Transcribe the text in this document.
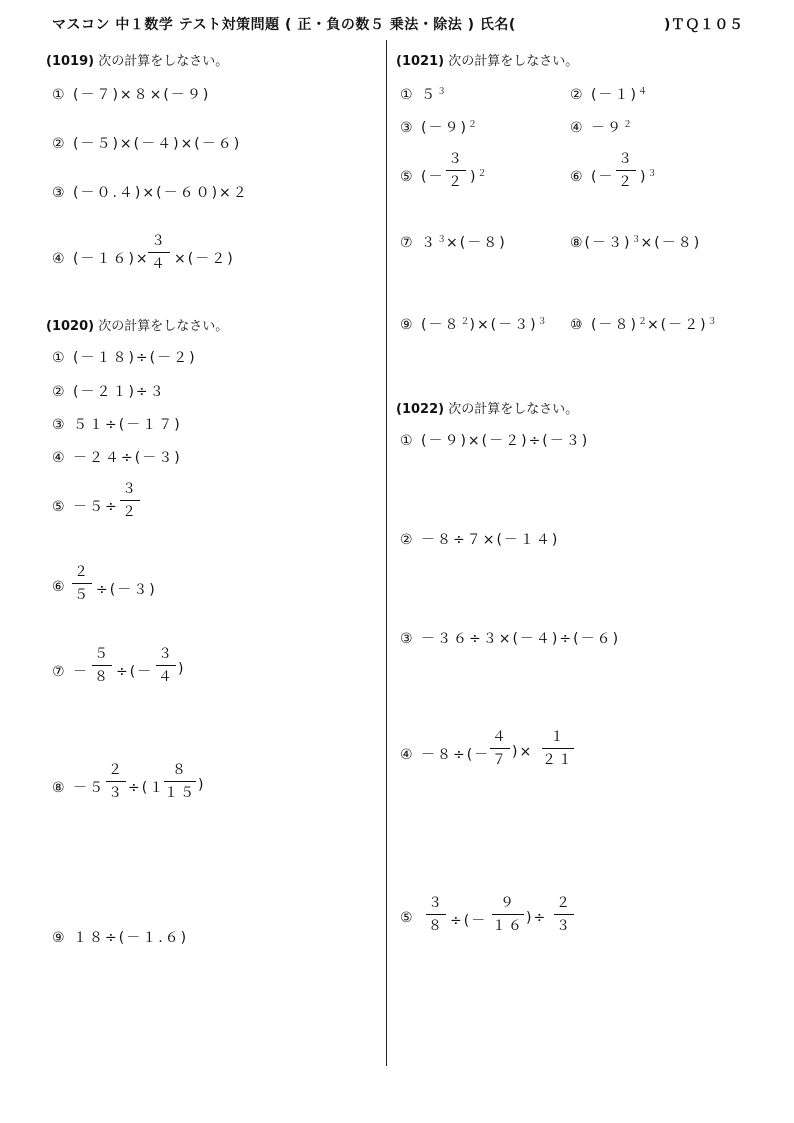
マスコン 中１数学 テスト対策問題 ( 正・負の数５ 乗法・除法 ) 氏名(	)ＴＱ１０５
(1019) 次の計算をしなさい。
① (－７)×８×(－９)
② (－５)×(－４)×(－６)
③ (－０.４)×(－６０)×２
④ (－１６)×
３
４ ×(－２)
(1020) 次の計算をしなさい。
① (－１８)÷(－２)
② (－２１)÷３
③ ５１÷(－１７)
④ －２４÷(－３)
⑤ －５÷
３
２
⑥
２
５ ÷(－３)
⑦ －
５
８ ÷(－
３
４ )
⑧ －５
２
３ ÷(１
８
１５ )
⑨ １８÷(－１.６)
(1021) 次の計算をしなさい。
① $5^3$	② $(-1)^4$
③ $(-9)^2$	④ $-9^2$
⑤ (－
３
２ )$^2$	⑥ (－
３
２ )$^3$
⑦ $3^3\times(-8)$	$⑧(-3)^3\times(-8)$
⑨ $(-8^2)\times(-3)^3$ ⑩ $(-8)^2\times(-2)^3$
(1022) 次の計算をしなさい。
① (－９)×(－２)÷(－３)
② －８÷７×(－１４)
③ －３６÷３×(－４)÷(－６)
④ －８÷(－
４
７ )×
１
２１
⑤
３
８ ÷(－
９
１６ )÷
２
３
